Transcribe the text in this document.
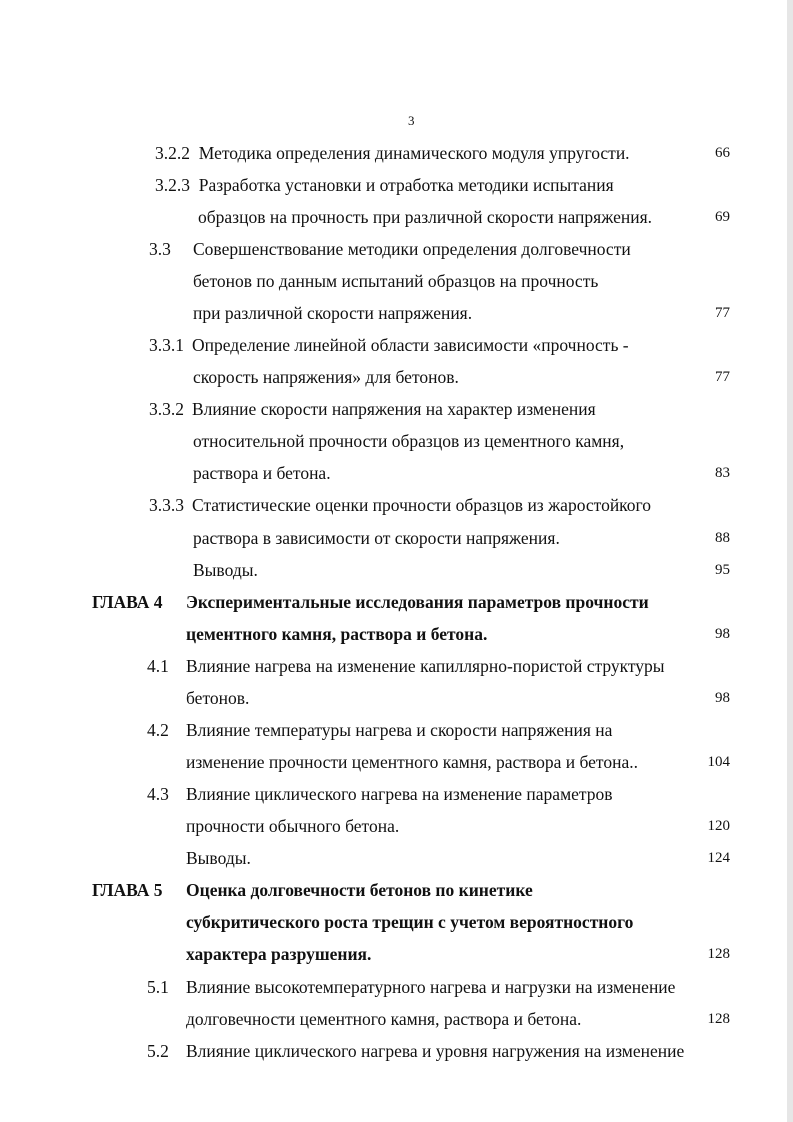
3
3.2.2 Методика определения динамического модуля упругости.	66
3.2.3 Разработка установки и отработка методики испытания
образцов на прочность при различной скорости напряжения.	69
3.3 Совершенствование методики определения долговечности
бетонов по данным испытаний образцов на прочность
при различной скорости напряжения.	77
3.3.1 Определение линейной области зависимости «прочность -
скорость напряжения» для бетонов.	77
3.3.2 Влияние скорости напряжения на характер изменения
относительной прочности образцов из цементного камня,
раствора и бетона.	83
3.3.3 Статистические оценки прочности образцов из жаростойкого
раствора в зависимости от скорости напряжения.	88
Выводы.	95
ГЛАВА 4 Экспериментальные исследования параметров прочности
цементного камня, раствора и бетона.	98
4.1 Влияние нагрева на изменение капиллярно-пористой структуры
бетонов.	98
4.2 Влияние температуры нагрева и скорости напряжения на
изменение прочности цементного камня, раствора и бетона..	104
4.3 Влияние циклического нагрева на изменение параметров
прочности обычного бетона.	120
Выводы.	124
ГЛАВА 5 Оценка долговечности бетонов по кинетике
субкритического роста трещин с учетом вероятностного
характера разрушения.	128
5.1 Влияние высокотемпературного нагрева и нагрузки на изменение
долговечности цементного камня, раствора и бетона.	128
5.2 Влияние циклического нагрева и уровня нагружения на изменение
